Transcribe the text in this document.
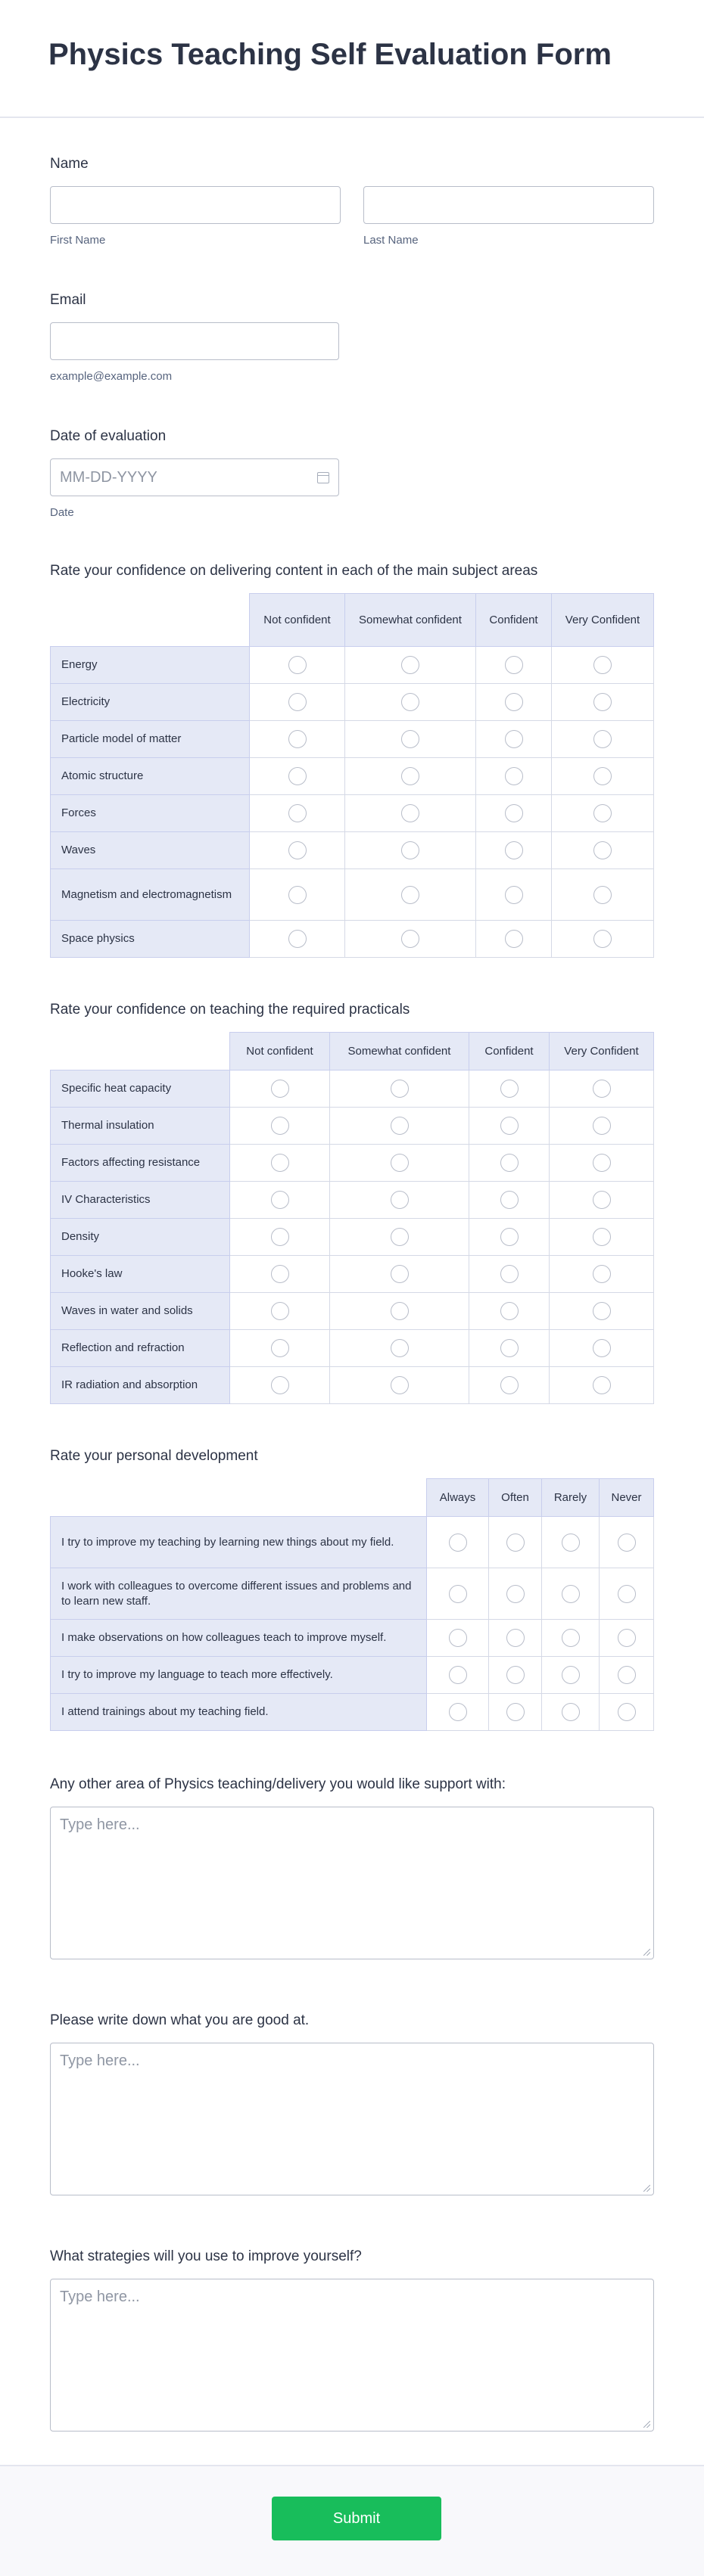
Physics Teaching Self Evaluation Form
Name
First Name	Last Name
Email
example@example.com
Date of evaluation
MM-DD-YYYY
Date
Rate your confidence on delivering content in each of the main subject areas
	Not confident	Somewhat confident	Confident	Very Confident
Energy				
Electricity				
Particle model of matter				
Atomic structure				
Forces				
Waves				
Magnetism and electromagnetism				
Space physics				
Rate your confidence on teaching the required practicals
	Not confident	Somewhat confident	Confident	Very Confident
Specific heat capacity				
Thermal insulation				
Factors affecting resistance				
IV Characteristics				
Density				
Hooke's law				
Waves in water and solids				
Reflection and refraction				
IR radiation and absorption				
Rate your personal development
	Always	Often	Rarely	Never
I try to improve my teaching by learning new things about my field.				
I work with colleagues to overcome different issues and problems and to learn new staff.				
I make observations on how colleagues teach to improve myself.				
I try to improve my language to teach more effectively.				
I attend trainings about my teaching field.				
Any other area of Physics teaching/delivery you would like support with:
Type here...
Please write down what you are good at.
Type here...
What strategies will you use to improve yourself?
Type here...
Submit
